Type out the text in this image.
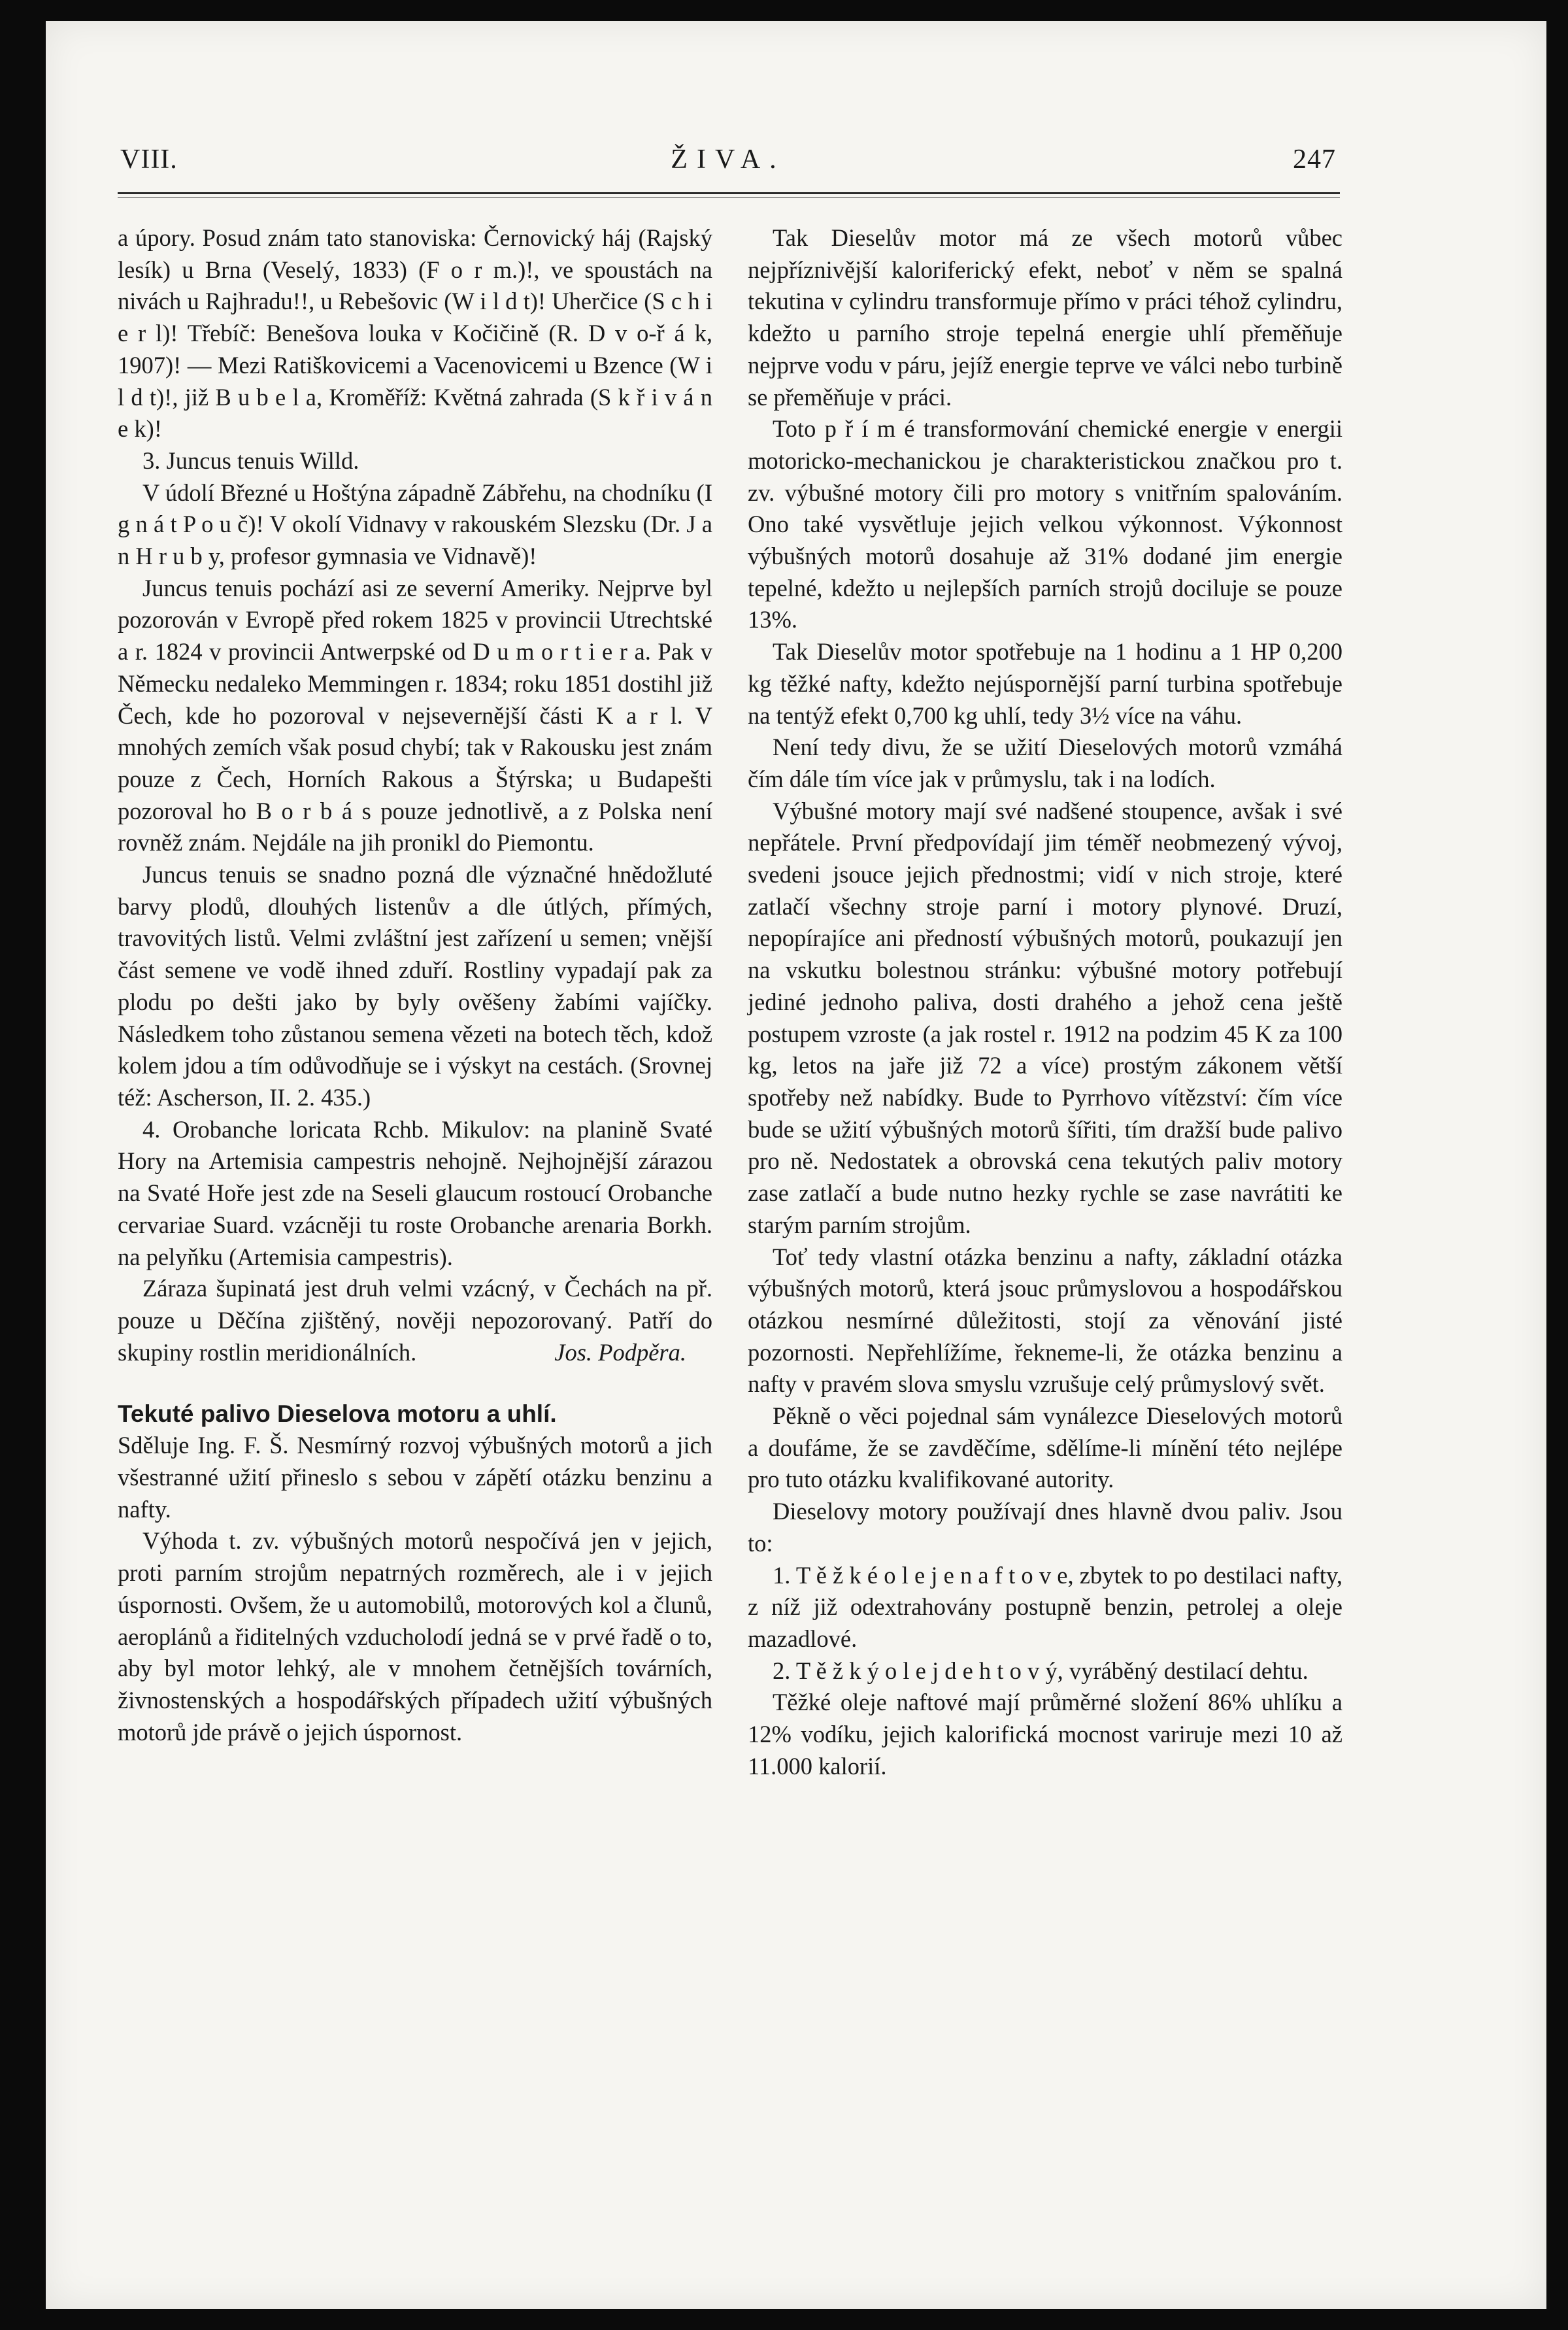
VIII.	ŽIVA.	247

a úpory. Posud znám tato stanoviska: Černovický háj (Rajský lesík) u Brna (Veselý, 1833) (F o r m.)!, ve spoustách na nivách u Rajhradu!!, u Rebešovic (W i l d t)! Uherčice (S c h i e r l)! Třebíč: Benešova louka v Kočičině (R. D v o-ř á k, 1907)! — Mezi Ratiškovicemi a Vacenovicemi u Bzence (W i l d t)!, již B u b e l a, Kroměříž: Květná zahrada (S k ř i v á n e k)!

3. Juncus tenuis Willd.

V údolí Březné u Hoštýna západně Zábřehu, na chodníku (I g n á t P o u č)! V okolí Vidnavy v rakouském Slezsku (Dr. J a n H r u b y, profesor gymnasia ve Vidnavě)!

Juncus tenuis pochází asi ze severní Ameriky. Nejprve byl pozorován v Evropě před rokem 1825 v provincii Utrechtské a r. 1824 v provincii Antwerpské od D u m o r t i e r a. Pak v Německu nedaleko Memmingen r. 1834; roku 1851 dostihl již Čech, kde ho pozoroval v nejsevernější části K a r l. V mnohých zemích však posud chybí; tak v Rakousku jest znám pouze z Čech, Horních Rakous a Štýrska; u Budapešti pozoroval ho B o r b á s pouze jednotlivě, a z Polska není rovněž znám. Nejdále na jih pronikl do Piemontu.

Juncus tenuis se snadno pozná dle význačné hnědožluté barvy plodů, dlouhých listenův a dle útlých, přímých, travovitých listů. Velmi zvláštní jest zařízení u semen; vnější část semene ve vodě ihned zduří. Rostliny vypadají pak za plodu po dešti jako by byly ověšeny žabími vajíčky. Následkem toho zůstanou semena vězeti na botech těch, kdož kolem jdou a tím odůvodňuje se i výskyt na cestách. (Srovnej též: Ascherson, II. 2. 435.)

4. Orobanche loricata Rchb. Mikulov: na planině Svaté Hory na Artemisia campestris nehojně. Nejhojnější zárazou na Svaté Hoře jest zde na Seseli glaucum rostoucí Orobanche cervariae Suard. vzácněji tu roste Orobanche arenaria Borkh. na pelyňku (Artemisia campestris).

Záraza šupinatá jest druh velmi vzácný, v Čechách na př. pouze u Děčína zjištěný, nověji nepozorovaný. Patří do skupiny rostlin meridionálních.	Jos. Podpěra.
Tekuté palivo Dieselova motoru a uhlí.

Sděluje Ing. F. Š. Nesmírný rozvoj výbušných motorů a jich všestranné užití přineslo s sebou v zápětí otázku benzinu a nafty.

Výhoda t. zv. výbušných motorů nespočívá jen v jejich, proti parním strojům nepatrných rozměrech, ale i v jejich úspornosti. Ovšem, že u automobilů, motorových kol a člunů, aeroplánů a řiditelných vzducholodí jedná se v prvé řadě o to, aby byl motor lehký, ale v mnohem četnějších továrních, živnostenských a hospodářských případech užití výbušných motorů jde právě o jejich úspornost.

Tak Dieselův motor má ze všech motorů vůbec nejpříznivější kaloriferický efekt, neboť v něm se spalná tekutina v cylindru transformuje přímo v práci téhož cylindru, kdežto u parního stroje tepelná energie uhlí přeměňuje nejprve vodu v páru, jejíž energie teprve ve válci nebo turbině se přeměňuje v práci.

Toto p ř í m é transformování chemické energie v energii motoricko-mechanickou je charakteristickou značkou pro t. zv. výbušné motory čili pro motory s vnitřním spalováním. Ono také vysvětluje jejich velkou výkonnost. Výkonnost výbušných motorů dosahuje až 31% dodané jim energie tepelné, kdežto u nejlepších parních strojů dociluje se pouze 13%.

Tak Dieselův motor spotřebuje na 1 hodinu a 1 HP 0,200 kg těžké nafty, kdežto nejúspornější parní turbina spotřebuje na tentýž efekt 0,700 kg uhlí, tedy 3½ více na váhu.

Není tedy divu, že se užití Dieselových motorů vzmáhá čím dále tím více jak v průmyslu, tak i na lodích.

Výbušné motory mají své nadšené stoupence, avšak i své nepřátele. První předpovídají jim téměř neobmezený vývoj, svedeni jsouce jejich přednostmi; vidí v nich stroje, které zatlačí všechny stroje parní i motory plynové. Druzí, nepopírajíce ani předností výbušných motorů, poukazují jen na vskutku bolestnou stránku: výbušné motory potřebují jediné jednoho paliva, dosti drahého a jehož cena ještě postupem vzroste (a jak rostel r. 1912 na podzim 45 K za 100 kg, letos na jaře již 72 a více) prostým zákonem větší spotřeby než nabídky. Bude to Pyrrhovo vítězství: čím více bude se užití výbušných motorů šířiti, tím dražší bude palivo pro ně. Nedostatek a obrovská cena tekutých paliv motory zase zatlačí a bude nutno hezky rychle se zase navrátiti ke starým parním strojům.

Toť tedy vlastní otázka benzinu a nafty, základní otázka výbušných motorů, která jsouc průmyslovou a hospodářskou otázkou nesmírné důležitosti, stojí za věnování jisté pozornosti. Nepřehlížíme, řekneme-li, že otázka benzinu a nafty v pravém slova smyslu vzrušuje celý průmyslový svět.

Pěkně o věci pojednal sám vynálezce Dieselových motorů a doufáme, že se zavděčíme, sdělíme-li mínění této nejlépe pro tuto otázku kvalifikované autority.

Dieselovy motory používají dnes hlavně dvou paliv. Jsou to:

1. T ě ž k é o l e j e n a f t o v e, zbytek to po destilaci nafty, z níž již odextrahovány postupně benzin, petrolej a oleje mazadlové.

2. T ě ž k ý o l e j d e h t o v ý, vyráběný destilací dehtu.

Těžké oleje naftové mají průměrné složení 86% uhlíku a 12% vodíku, jejich kalorifická mocnost variruje mezi 10 až 11.000 kalorií.
